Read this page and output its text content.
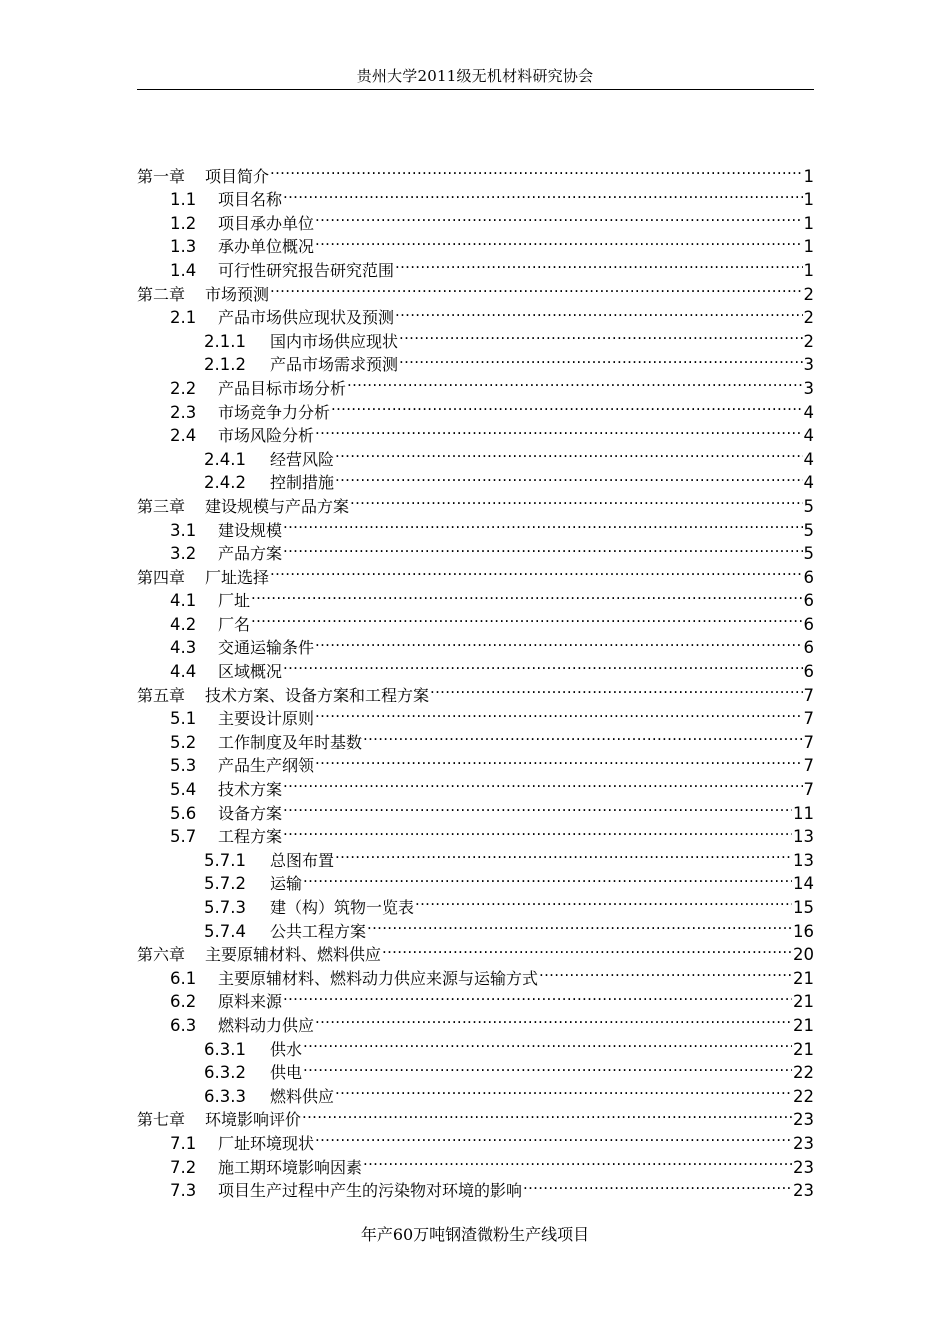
贵州大学2011级无机材料研究协会
第一章	项目简介 .....	1
1.1	项目名称 .....	1
1.2	项目承办单位 .....	1
1.3	承办单位概况 .....	1
1.4	可行性研究报告研究范围 .....	1
第二章	市场预测 .....	2
2.1	产品市场供应现状及预测 .....	2
2.1.1	国内市场供应现状 .....	2
2.1.2	产品市场需求预测 .....	3
2.2	产品目标市场分析 .....	3
2.3	市场竞争力分析 .....	4
2.4	市场风险分析 .....	4
2.4.1	经营风险 .....	4
2.4.2	控制措施 .....	4
第三章	建设规模与产品方案 .....	5
3.1	建设规模 .....	5
3.2	产品方案 .....	5
第四章	厂址选择 .....	6
4.1	厂址 .....	6
4.2	厂名 .....	6
4.3	交通运输条件 .....	6
4.4	区域概况 .....	6
第五章	技术方案、设备方案和工程方案 .....	7
5.1	主要设计原则 .....	7
5.2	工作制度及年时基数 .....	7
5.3	产品生产纲领 .....	7
5.4	技术方案 .....	7
5.6	设备方案 .....	11
5.7	工程方案 .....	13
5.7.1	总图布置 .....	13
5.7.2	运输 .....	14
5.7.3	建（构）筑物一览表 .....	15
5.7.4	公共工程方案 .....	16
第六章	主要原辅材料、燃料供应 .....	20
6.1	主要原辅材料、燃料动力供应来源与运输方式 .....	21
6.2	原料来源 .....	21
6.3	燃料动力供应 .....	21
6.3.1	供水 .....	21
6.3.2	供电 .....	22
6.3.3	燃料供应 .....	22
第七章	环境影响评价 .....	23
7.1	厂址环境现状 .....	23
7.2	施工期环境影响因素 .....	23
7.3	项目生产过程中产生的污染物对环境的影响 .....	23
年产60万吨钢渣微粉生产线项目
